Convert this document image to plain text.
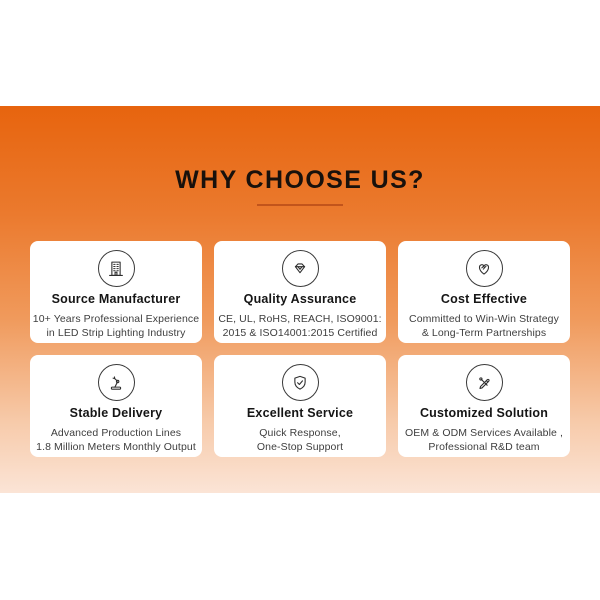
WHY CHOOSE US?
Source Manufacturer
10+ Years Professional Experience
in LED Strip Lighting Industry
Quality Assurance
CE, UL, RoHS, REACH, ISO9001:
2015 & ISO14001:2015 Certified
Cost Effective
Committed to Win-Win Strategy
& Long-Term Partnerships
Stable Delivery
Advanced Production Lines
1.8 Million Meters Monthly Output
Excellent Service
Quick Response,
One-Stop Support
Customized Solution
OEM & ODM Services Available ,
Professional R&D team
